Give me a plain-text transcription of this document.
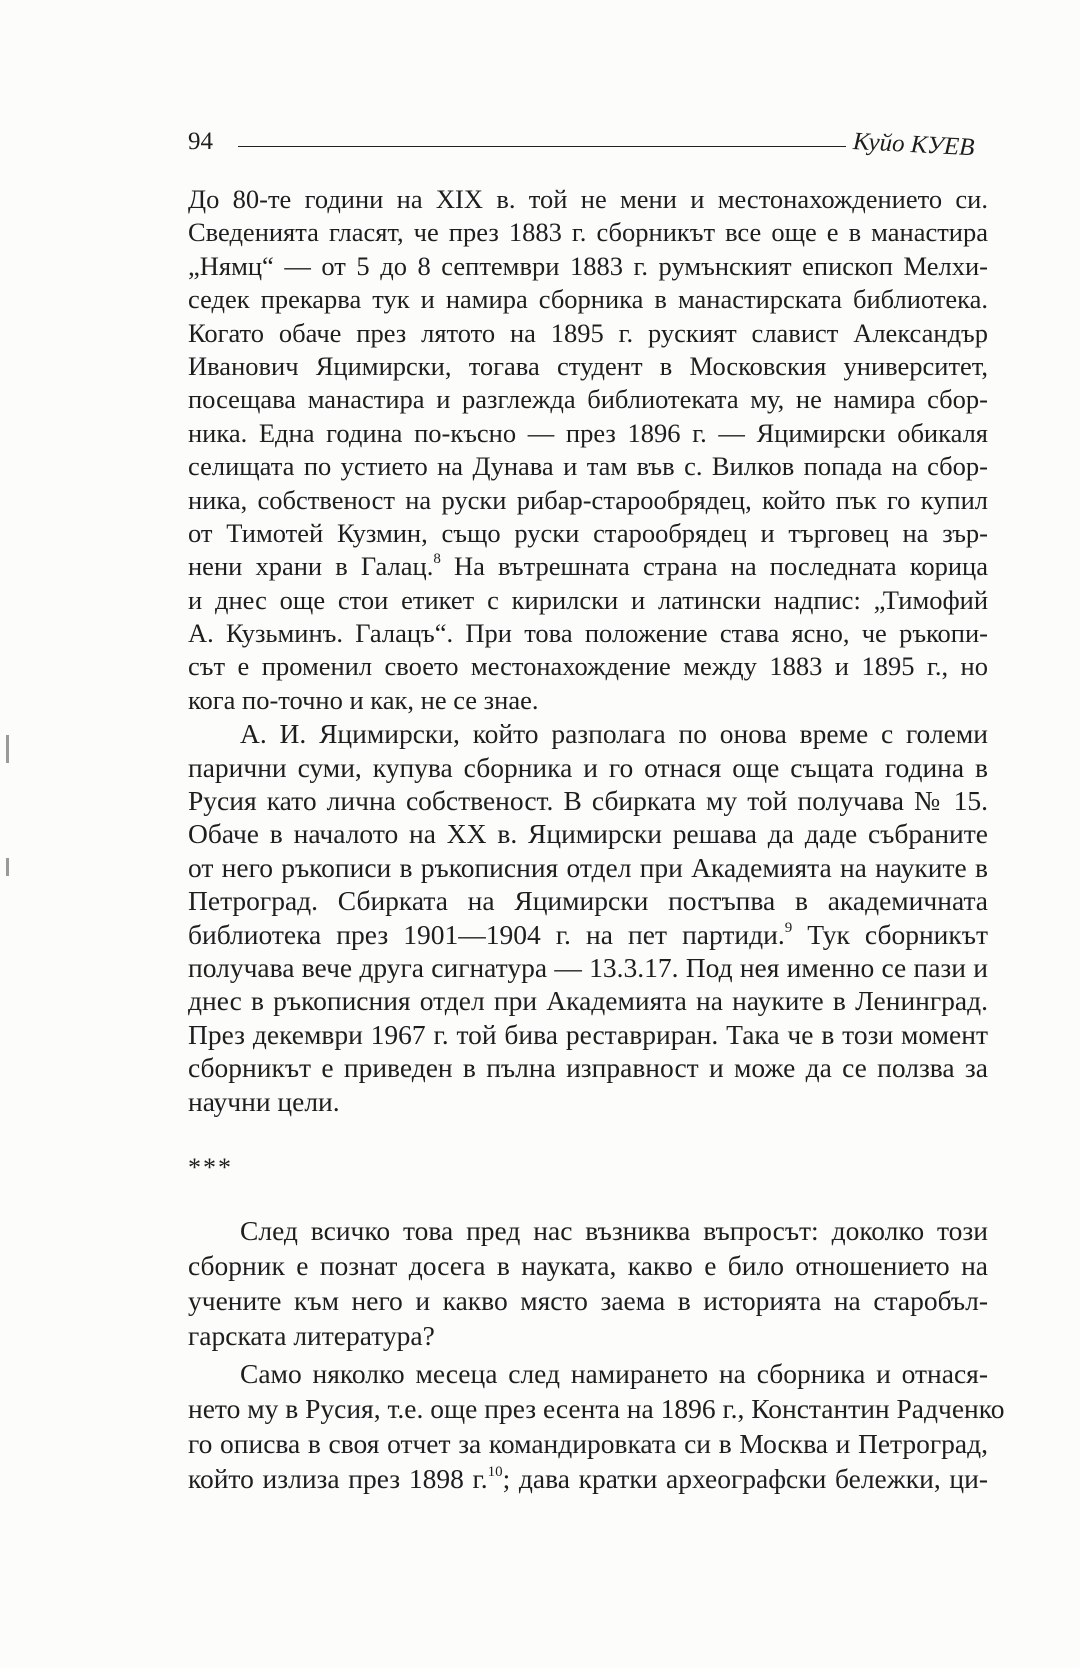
94	Куйо КУЕВ
До 80-те години на XIX в. той не мени и местонахождението си.
Сведенията гласят, че през 1883 г. сборникът все още е в манастира
„Нямц“ — от 5 до 8 септември 1883 г. румънският епископ Мелхи-
седек прекарва тук и намира сборника в манастирската библиотека.
Когато обаче през лятото на 1895 г. руският славист Александър
Иванович Яцимирски, тогава студент в Московския университет,
посещава манастира и разглежда библиотеката му, не намира сбор-
ника. Една година по-късно — през 1896 г. — Яцимирски обикаля
селищата по устието на Дунава и там във с. Вилков попада на сбор-
ника, собственост на руски рибар-старообрядец, който пък го купил
от Тимотей Кузмин, също руски старообрядец и търговец на зър-
нени храни в Галац.$^8$ На вътрешната страна на последната корица
и днес още стои етикет с кирилски и латински надпис: „Тимофий
А. Кузьминъ. Галацъ“. При това положение става ясно, че ръкопи-
сът е променил своето местонахождение между 1883 и 1895 г., но
кога по-точно и как, не се знае.
А. И. Яцимирски, който разполага по онова време с големи
парични суми, купува сборника и го отнася още същата година в
Русия като лична собственост. В сбирката му той получава № 15.
Обаче в началото на XX в. Яцимирски решава да даде събраните
от него ръкописи в ръкописния отдел при Академията на науките в
Петроград. Сбирката на Яцимирски постъпва в академичната
библиотека през 1901—1904 г. на пет партиди.$^9$ Тук сборникът
получава вече друга сигнатура — 13.3.17. Под нея именно се пази и
днес в ръкописния отдел при Академията на науките в Ленинград.
През декември 1967 г. той бива реставриран. Така че в този момент
сборникът е приведен в пълна изправност и може да се ползва за
научни цели.
***
След всичко това пред нас възниква въпросът: доколко този
сборник е познат досега в науката, какво е било отношението на
учените към него и какво място заема в историята на старобъл-
гарската литература?
Само няколко месеца след намирането на сборника и отнася-
нето му в Русия, т.е. още през есента на 1896 г., Константин Радченко
го описва в своя отчет за командировката си в Москва и Петроград,
който излиза през 1898 г.$^{10}$; дава кратки археографски бележки, ци-
